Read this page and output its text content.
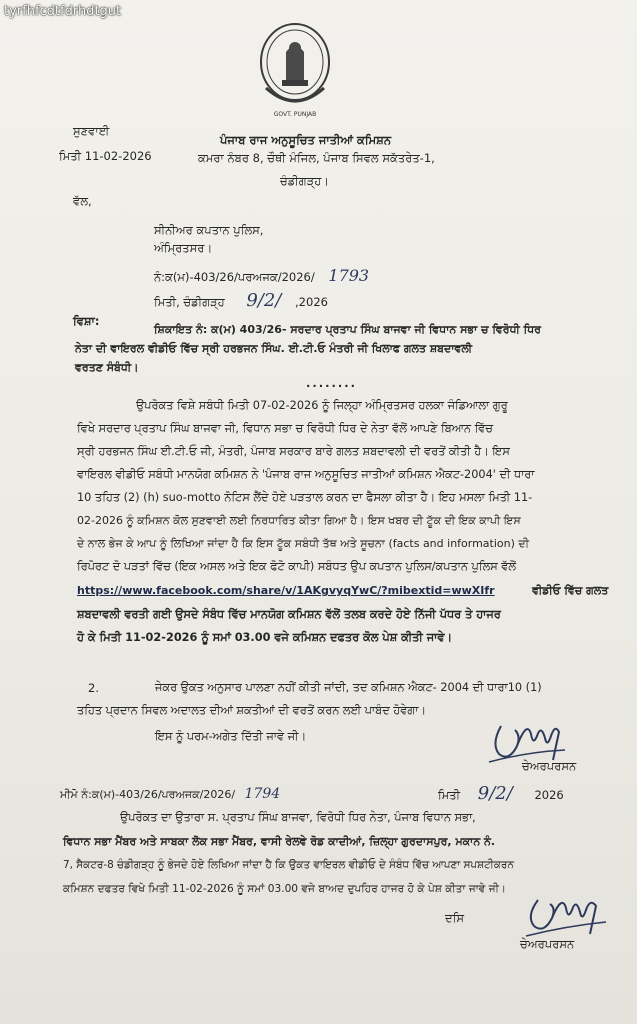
tyrfhfcdtfdrhdtgut
GOVT. PUNJAB
ਸੁਣਵਾਈ
ਮਿਤੀ 11-02-2026
ਪੰਜਾਬ ਰਾਜ ਅਨੁਸੂਚਿਤ ਜਾਤੀਆਂ ਕਮਿਸ਼ਨ
ਕਮਰਾ ਨੰਬਰ 8, ਚੌਥੀ ਮੰਜਿਲ, ਪੰਜਾਬ ਸਿਵਲ ਸਕੱਤਰੇਤ-1,
ਚੰਡੀਗੜ੍ਹ।
ਵੱਲ,
ਸੀਨੀਅਰ ਕਪਤਾਨ ਪੁਲਿਸ,
ਅੰਮ੍ਰਿਤਸਰ।
ਨੰ:ਕ(ਮ)-403/26/ਪਰਅਜਕ/2026/ 1793
ਮਿਤੀ, ਚੰਡੀਗੜ੍ਹ 9/2/ ,2026
ਵਿਸ਼ਾ:
ਸ਼ਿਕਾਇਤ ਨੰ: ਕ(ਮ) 403/26- ਸਰਦਾਰ ਪ੍ਰਤਾਪ ਸਿੰਘ ਬਾਜਵਾ ਜੀ ਵਿਧਾਨ ਸਭਾ ਚ ਵਿਰੋਧੀ ਧਿਰ
ਨੇਤਾ ਦੀ ਵਾਇਰਲ ਵੀਡੀਓ ਵਿੱਚ ਸ੍ਰੀ ਹਰਭਜਨ ਸਿੰਘ. ਈ.ਟੀ.ਓ ਮੰਤਰੀ ਜੀ ਖਿਲਾਫ ਗਲਤ ਸ਼ਬਦਾਵਲੀ
ਵਰਤਣ ਸੰਬੰਧੀ।
........
ਉਪਰੋਕਤ ਵਿਸ਼ੇ ਸਬੰਧੀ ਮਿਤੀ 07-02-2026 ਨੂੰ ਜਿਲ੍ਹਾ ਅੰਮ੍ਰਿਤਸਰ ਹਲਕਾ ਜੰਡਿਆਲਾ ਗੁਰੂ
ਵਿਖੇ ਸਰਦਾਰ ਪ੍ਰਤਾਪ ਸਿੰਘ ਬਾਜਵਾ ਜੀ, ਵਿਧਾਨ ਸਭਾ ਚ ਵਿਰੋਧੀ ਧਿਰ ਦੇ ਨੇਤਾ ਵੱਲੋਂ ਆਪਣੇ ਬਿਆਨ ਵਿੱਚ
ਸ੍ਰੀ ਹਰਭਜਨ ਸਿੰਘ ਈ.ਟੀ.ਓ ਜੀ, ਮੰਤਰੀ, ਪੰਜਾਬ ਸਰਕਾਰ ਬਾਰੇ ਗਲਤ ਸ਼ਬਦਾਵਲੀ ਦੀ ਵਰਤੋਂ ਕੀਤੀ ਹੈ। ਇਸ
ਵਾਇਰਲ ਵੀਡੀਓ ਸਬੰਧੀ ਮਾਨਯੋਗ ਕਮਿਸ਼ਨ ਨੇ 'ਪੰਜਾਬ ਰਾਜ ਅਨੁਸੂਚਿਤ ਜਾਤੀਆਂ ਕਮਿਸ਼ਨ ਐਕਟ-2004' ਦੀ ਧਾਰਾ
10 ਤਹਿਤ (2) (h) suo-motto ਨੋਟਿਸ ਲੈਂਦੇ ਹੋਏ ਪੜਤਾਲ ਕਰਨ ਦਾ ਫੈਸਲਾ ਕੀਤਾ ਹੈ। ਇਹ ਮਸਲਾ ਮਿਤੀ 11-
02-2026 ਨੂੰ ਕਮਿਸ਼ਨ ਕੋਲ ਸੁਣਵਾਈ ਲਈ ਨਿਰਧਾਰਿਤ ਕੀਤਾ ਗਿਆ ਹੈ। ਇਸ ਖਬਰ ਦੀ ਟੂੱਕ ਦੀ ਇਕ ਕਾਪੀ ਇਸ
ਦੇ ਨਾਲ ਭੇਜ ਕੇ ਆਪ ਨੂੰ ਲਿਖਿਆ ਜਾਂਦਾ ਹੈ ਕਿ ਇਸ ਟੂੱਕ ਸਬੰਧੀ ਤੱਥ ਅਤੇ ਸੂਚਨਾ (facts and information) ਦੀ
ਰਿਪੋਰਟ ਦੋ ਪੜਤਾਂ ਵਿੱਚ (ਇਕ ਅਸਲ ਅਤੇ ਇਕ ਫੋਟੋ ਕਾਪੀ) ਸਬੰਧਤ ਉਪ ਕਪਤਾਨ ਪੁਲਿਸ/ਕਪਤਾਨ ਪੁਲਿਸ ਵੱਲੋਂ
https://www.facebook.com/share/v/1AKgvyqYwC/?mibextid=wwXIfr	ਵੀਡੀਓ ਵਿੱਚ ਗਲਤ
ਸ਼ਬਦਾਵਲੀ ਵਰਤੀ ਗਈ ਉਸਦੇ ਸੰਬੰਧ ਵਿੱਚ ਮਾਨਯੋਗ ਕਮਿਸ਼ਨ ਵੱਲੋਂ ਤਲਬ ਕਰਦੇ ਹੋਏ ਨਿੱਜੀ ਪੱਧਰ ਤੇ ਹਾਜਰ
ਹੋ ਕੇ ਮਿਤੀ 11-02-2026 ਨੂੰ ਸਮਾਂ 03.00 ਵਜੇ ਕਮਿਸ਼ਨ ਦਫਤਰ ਕੋਲ ਪੇਸ਼ ਕੀਤੀ ਜਾਵੇ।
2.	ਜੇਕਰ ਉਕਤ ਅਨੁਸਾਰ ਪਾਲਣਾ ਨਹੀਂ ਕੀਤੀ ਜਾਂਦੀ, ਤਦ ਕਮਿਸ਼ਨ ਐਕਟ- 2004 ਦੀ ਧਾਰਾ10 (1)
ਤਹਿਤ ਪ੍ਰਦਾਨ ਸਿਵਲ ਅਦਾਲਤ ਦੀਆਂ ਸ਼ਕਤੀਆਂ ਦੀ ਵਰਤੋਂ ਕਰਨ ਲਈ ਪਾਬੰਦ ਹੋਵੇਗਾ।
ਇਸ ਨੂੰ ਪਰਮ-ਅਗੇਤ ਦਿੱਤੀ ਜਾਵੇ ਜੀ।
ਚੇਅਰਪਰਸਨ
ਮੀਮੋ ਨੰ:ਕ(ਮ)-403/26/ਪਰਅਜਕ/2026/ 1794	ਮਿਤੀ 9/2/ 2026
ਉਪਰੋਕਤ ਦਾ ਉਤਾਰਾ ਸ. ਪ੍ਰਤਾਪ ਸਿੰਘ ਬਾਜਵਾ, ਵਿਰੋਧੀ ਧਿਰ ਨੇਤਾ, ਪੰਜਾਬ ਵਿਧਾਨ ਸਭਾ,
ਵਿਧਾਨ ਸਭਾ ਮੈਂਬਰ ਅਤੇ ਸਾਬਕਾ ਲੋਕ ਸਭਾ ਮੈਂਬਰ, ਵਾਸੀ ਰੇਲਵੇ ਰੋਡ ਕਾਦੀਆਂ, ਜ਼ਿਲ੍ਹਾ ਗੁਰਦਾਸਪੁਰ, ਮਕਾਨ ਨੰ.
7, ਸੈਕਟਰ-8 ਚੰਡੀਗੜ੍ਹ ਨੂੰ ਭੇਜਦੇ ਹੋਏ ਲਿਖਿਆ ਜਾਂਦਾ ਹੈ ਕਿ ਉਕਤ ਵਾਇਰਲ ਵੀਡੀਓ ਦੇ ਸੰਬੰਧ ਵਿੱਚ ਆਪਣਾ ਸਪਸ਼ਟੀਕਰਨ
ਕਮਿਸ਼ਨ ਦਫਤਰ ਵਿਖੇ ਮਿਤੀ 11-02-2026 ਨੂੰ ਸਮਾਂ 03.00 ਵਜੇ ਬਾਅਦ ਦੁਪਹਿਰ ਹਾਜਰ ਹੋ ਕੇ ਪੇਸ਼ ਕੀਤਾ ਜਾਵੇ ਜੀ।
ਦਸਿ
ਚੇਅਰਪਰਸਨ
